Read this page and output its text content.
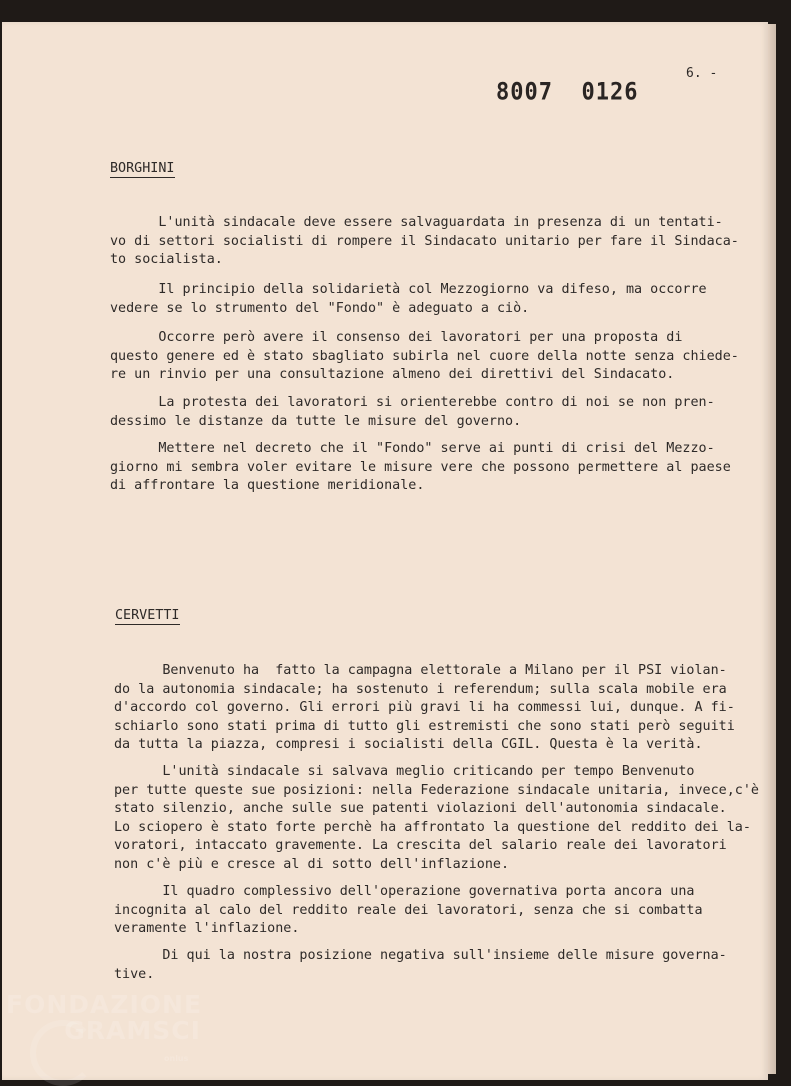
8007 0126
6. -
BORGHINI
L'unità sindacale deve essere salvaguardata in presenza di un tentati-
vo di settori socialisti di rompere il Sindacato unitario per fare il Sindaca-
to socialista.
Il principio della solidarietà col Mezzogiorno va difeso, ma occorre
vedere se lo strumento del "Fondo" è adeguato a ciò.
Occorre però avere il consenso dei lavoratori per una proposta di
questo genere ed è stato sbagliato subirla nel cuore della notte senza chiede-
re un rinvio per una consultazione almeno dei direttivi del Sindacato.
La protesta dei lavoratori si orienterebbe contro di noi se non pren-
dessimo le distanze da tutte le misure del governo.
Mettere nel decreto che il "Fondo" serve ai punti di crisi del Mezzo-
giorno mi sembra voler evitare le misure vere che possono permettere al paese
di affrontare la questione meridionale.
CERVETTI
Benvenuto ha  fatto la campagna elettorale a Milano per il PSI violan-
do la autonomia sindacale; ha sostenuto i referendum; sulla scala mobile era
d'accordo col governo. Gli errori più gravi li ha commessi lui, dunque. A fi-
schiarlo sono stati prima di tutto gli estremisti che sono stati però seguiti
da tutta la piazza, compresi i socialisti della CGIL. Questa è la verità.
L'unità sindacale si salvava meglio criticando per tempo Benvenuto
per tutte queste sue posizioni: nella Federazione sindacale unitaria, invece,c'è
stato silenzio, anche sulle sue patenti violazioni dell'autonomia sindacale.
Lo sciopero è stato forte perchè ha affrontato la questione del reddito dei la-
voratori, intaccato gravemente. La crescita del salario reale dei lavoratori
non c'è più e cresce al di sotto dell'inflazione.
Il quadro complessivo dell'operazione governativa porta ancora una
incognita al calo del reddito reale dei lavoratori, senza che si combatta
veramente l'inflazione.
Di qui la nostra posizione negativa sull'insieme delle misure governa-
tive.
FONDAZIONE
GRAMSCI
onlus
